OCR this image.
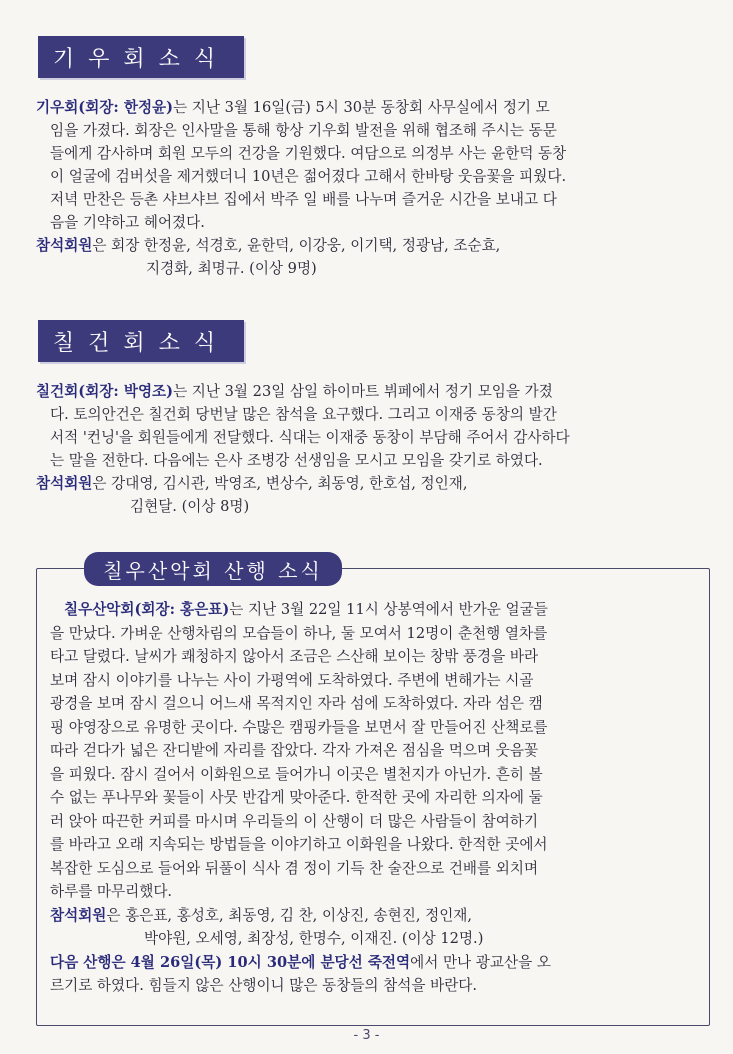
기우회소식
기우회(회장: 한정윤)는 지난 3월 16일(금) 5시 30분 동창회 사무실에서 정기 모
임을 가졌다. 회장은 인사말을 통해 항상 기우회 발전을 위해 협조해 주시는 동문
들에게 감사하며 회원 모두의 건강을 기원했다. 여담으로 의정부 사는 윤한덕 동창
이 얼굴에 검버섯을 제거했더니 10년은 젊어졌다 고해서 한바탕 웃음꽃을 피웠다.
저녁 만찬은 등촌 샤브샤브 집에서 박주 일 배를 나누며 즐거운 시간을 보내고 다
음을 기약하고 헤어졌다.
참석회원은 회장 한정윤, 석경호, 윤한덕, 이강웅, 이기택, 정광남, 조순효,
지경화, 최명규. (이상 9명)
칠건회소식
칠건회(회장: 박영조)는 지난 3월 23일 삼일 하이마트 뷔페에서 정기 모임을 가졌
다. 토의안건은 칠건회 당번날 많은 참석을 요구했다. 그리고 이재중 동창의 발간
서적 '컨닝'을 회원들에게 전달했다. 식대는 이재중 동창이 부담해 주어서 감사하다
는 말을 전한다. 다음에는 은사 조병강 선생임을 모시고 모임을 갖기로 하였다.
참석회원은 강대영, 김시관, 박영조, 변상수, 최동영, 한호섭, 정인재,
김현달. (이상 8명)
칠우산악회 산행 소식
칠우산악회(회장: 홍은표)는 지난 3월 22일 11시 상봉역에서 반가운 얼굴들
을 만났다. 가벼운 산행차림의 모습들이 하나, 둘 모여서 12명이 춘천행 열차를
타고 달렸다. 날씨가 쾌청하지 않아서 조금은 스산해 보이는 창밖 풍경을 바라
보며 잠시 이야기를 나누는 사이 가평역에 도착하였다. 주변에 변해가는 시골
광경을 보며 잠시 걸으니 어느새 목적지인 자라 섬에 도착하였다. 자라 섬은 캠
핑 야영장으로 유명한 곳이다. 수많은 캠핑카들을 보면서 잘 만들어진 산책로를
따라 걷다가 넓은 잔디밭에 자리를 잡았다. 각자 가져온 점심을 먹으며 웃음꽃
을 피웠다. 잠시 걸어서 이화원으로 들어가니 이곳은 별천지가 아닌가. 흔히 볼
수 없는 푸나무와 꽃들이 사뭇 반갑게 맞아준다. 한적한 곳에 자리한 의자에 둘
러 앉아 따끈한 커피를 마시며 우리들의 이 산행이 더 많은 사람들이 참여하기
를 바라고 오래 지속되는 방법들을 이야기하고 이화원을 나왔다. 한적한 곳에서
복잡한 도심으로 들어와 뒤풀이 식사 겸 정이 기득 찬 술잔으로 건배를 외치며
하루를 마무리했다.
참석회원은 홍은표, 홍성호, 최동영, 김 찬, 이상진, 송현진, 정인재,
박야원, 오세영, 최장성, 한명수, 이재진. (이상 12명.)
다음 산행은 4월 26일(목) 10시 30분에 분당선 죽전역에서 만나 광교산을 오
르기로 하였다. 힘들지 않은 산행이니 많은 동창들의 참석을 바란다.
- 3 -
